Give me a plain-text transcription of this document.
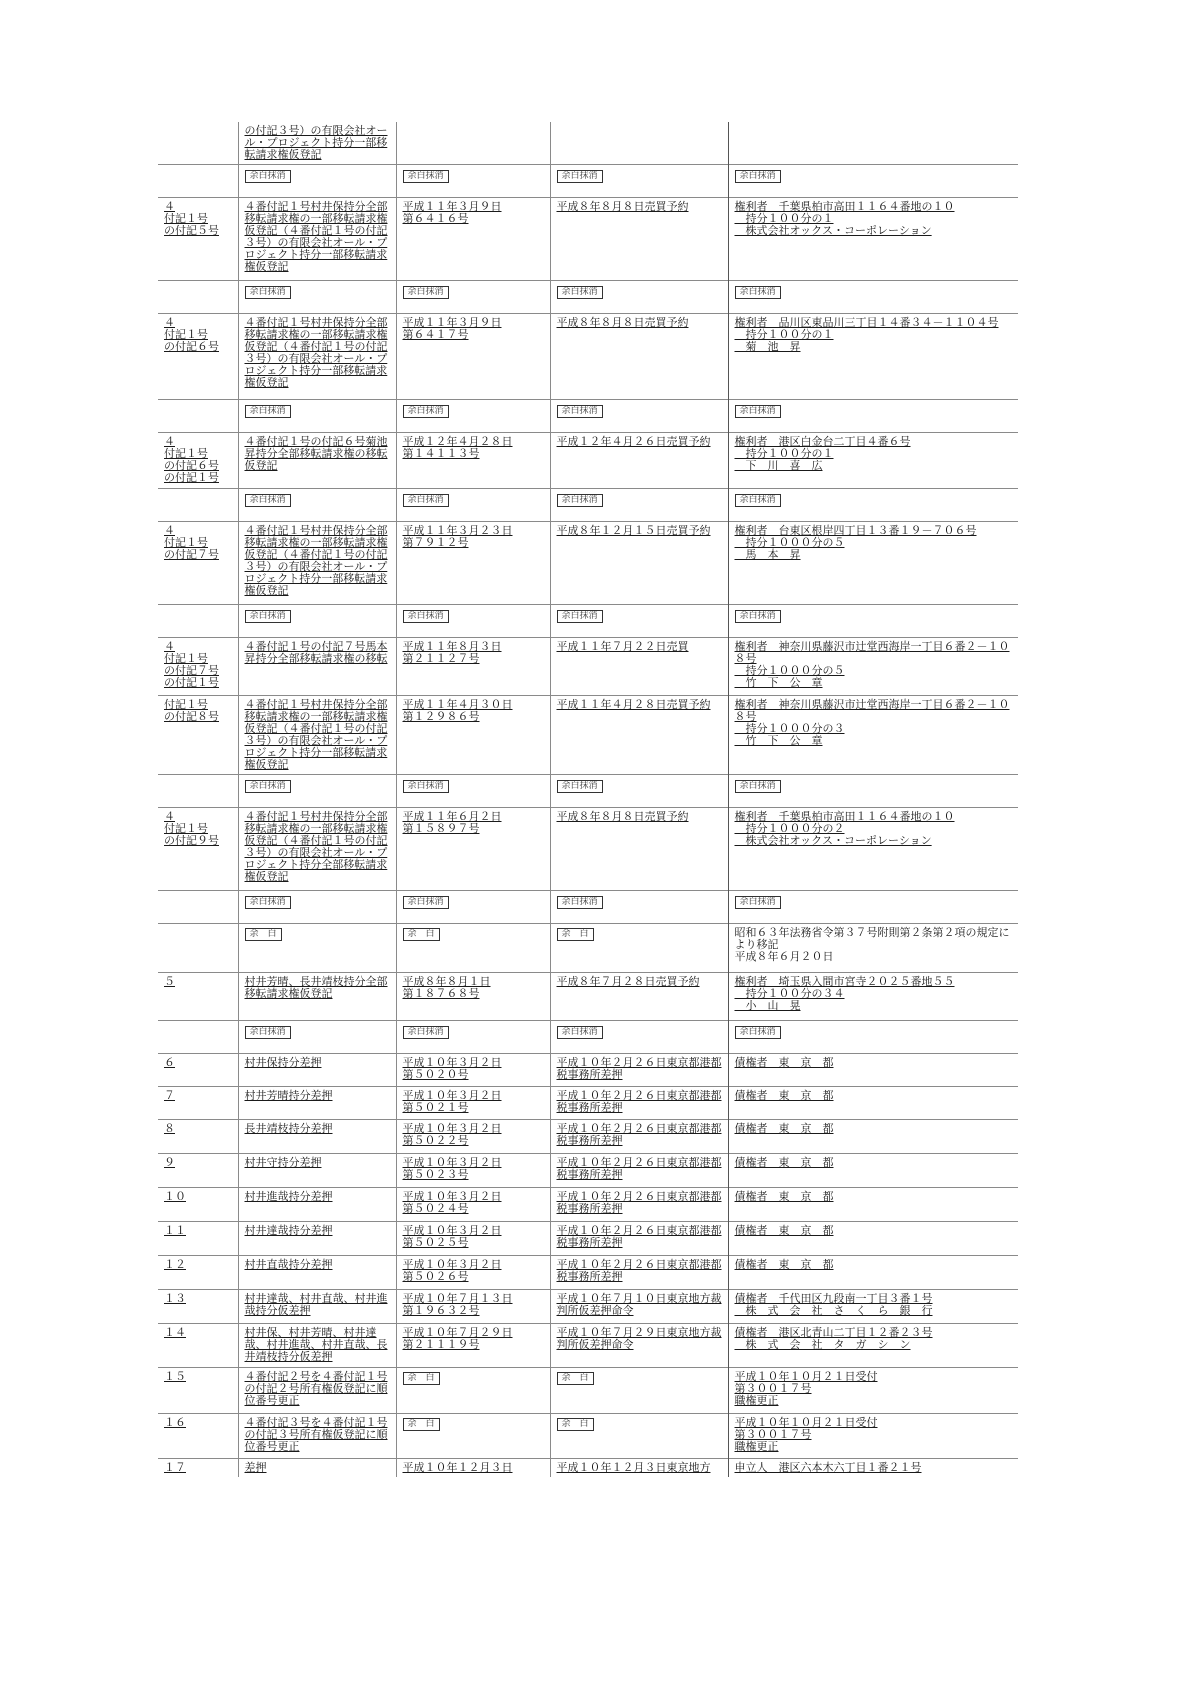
	の付記３号）の有限会社オール・プロジェクト持分一部移転請求権仮登記			
	余白抹消	余白抹消	余白抹消	余白抹消
４
付記１号
の付記５号	４番付記１号村井保持分全部移転請求権の一部移転請求権仮登記（４番付記１号の付記３号）の有限会社オール・プロジェクト持分一部移転請求権仮登記	平成１１年３月９日
第６４１６号	平成８年８月８日売買予約	権利者　千葉県柏市高田１１６４番地の１０
　持分１００分の１
　株式会社オックス・コーポレーション
	余白抹消	余白抹消	余白抹消	余白抹消
４
付記１号
の付記６号	４番付記１号村井保持分全部移転請求権の一部移転請求権仮登記（４番付記１号の付記３号）の有限会社オール・プロジェクト持分一部移転請求権仮登記	平成１１年３月９日
第６４１７号	平成８年８月８日売買予約	権利者　品川区東品川三丁目１４番３４－１１０４号
　持分１００分の１
　菊　池　昇
	余白抹消	余白抹消	余白抹消	余白抹消
４
付記１号
の付記６号
の付記１号	４番付記１号の付記６号菊池昇持分全部移転請求権の移転仮登記	平成１２年４月２８日
第１４１１３号	平成１２年４月２６日売買予約	権利者　港区白金台二丁目４番６号
　持分１００分の１
　下　川　喜　広
	余白抹消	余白抹消	余白抹消	余白抹消
４
付記１号
の付記７号	４番付記１号村井保持分全部移転請求権の一部移転請求権仮登記（４番付記１号の付記３号）の有限会社オール・プロジェクト持分一部移転請求権仮登記	平成１１年３月２３日
第７９１２号	平成８年１２月１５日売買予約	権利者　台東区根岸四丁目１３番１９－７０６号
　持分１０００分の５
　馬　本　昇
	余白抹消	余白抹消	余白抹消	余白抹消
４
付記１号
の付記７号
の付記１号	４番付記１号の付記７号馬本昇持分全部移転請求権の移転	平成１１年８月３日
第２１１２７号	平成１１年７月２２日売買	権利者　神奈川県藤沢市辻堂西海岸一丁目６番２－１０８号
　持分１０００分の５
　竹　下　公　章
付記１号
の付記８号	４番付記１号村井保持分全部移転請求権の一部移転請求権仮登記（４番付記１号の付記３号）の有限会社オール・プロジェクト持分一部移転請求権仮登記	平成１１年４月３０日
第１２９８６号	平成１１年４月２８日売買予約	権利者　神奈川県藤沢市辻堂西海岸一丁目６番２－１０８号
　持分１０００分の３
　竹　下　公　章
	余白抹消	余白抹消	余白抹消	余白抹消
４
付記１号
の付記９号	４番付記１号村井保持分全部移転請求権の一部移転請求権仮登記（４番付記１号の付記３号）の有限会社オール・プロジェクト持分全部移転請求権仮登記	平成１１年６月２日
第１５８９７号	平成８年８月８日売買予約	権利者　千葉県柏市高田１１６４番地の１０
　持分１０００分の２
　株式会社オックス・コーポレーション
	余白抹消	余白抹消	余白抹消	余白抹消
	余　白	余　白	余　白	昭和６３年法務省令第３７号附則第２条第２項の規定により移記
平成８年６月２０日
５	村井芳晴、長井靖枝持分全部移転請求権仮登記	平成８年８月１日
第１８７６８号	平成８年７月２８日売買予約	権利者　埼玉県入間市宮寺２０２５番地５５
　持分１００分の３４
　小　山　晃
	余白抹消	余白抹消	余白抹消	余白抹消
６	村井保持分差押	平成１０年３月２日
第５０２０号	平成１０年２月２６日東京都港都税事務所差押	債権者　東　京　都
７	村井芳晴持分差押	平成１０年３月２日
第５０２１号	平成１０年２月２６日東京都港都税事務所差押	債権者　東　京　都
８	長井靖枝持分差押	平成１０年３月２日
第５０２２号	平成１０年２月２６日東京都港都税事務所差押	債権者　東　京　都
９	村井守持分差押	平成１０年３月２日
第５０２３号	平成１０年２月２６日東京都港都税事務所差押	債権者　東　京　都
１０	村井進哉持分差押	平成１０年３月２日
第５０２４号	平成１０年２月２６日東京都港都税事務所差押	債権者　東　京　都
１１	村井達哉持分差押	平成１０年３月２日
第５０２５号	平成１０年２月２６日東京都港都税事務所差押	債権者　東　京　都
１２	村井直哉持分差押	平成１０年３月２日
第５０２６号	平成１０年２月２６日東京都港都税事務所差押	債権者　東　京　都
１３	村井達哉、村井直哉、村井進哉持分仮差押	平成１０年７月１３日
第１９６３２号	平成１０年７月１０日東京地方裁判所仮差押命令	債権者　千代田区九段南一丁目３番１号
　株　式　会　社　さ　く　ら　銀　行
１４	村井保、村井芳晴、村井達哉、村井進哉、村井直哉、長井靖枝持分仮差押	平成１０年７月２９日
第２１１１９号	平成１０年７月２９日東京地方裁判所仮差押命令	債権者　港区北青山二丁目１２番２３号
　株　式　会　社　タ　ガ　シ　ン
１５	４番付記２号を４番付記１号の付記２号所有権仮登記に順位番号更正	余　白	余　白	平成１０年１０月２１日受付
第３００１７号
職権更正
１６	４番付記３号を４番付記１号の付記３号所有権仮登記に順位番号更正	余　白	余　白	平成１０年１０月２１日受付
第３００１７号
職権更正
１７	差押	平成１０年１２月３日	平成１０年１２月３日東京地方	申立人　港区六本木六丁目１番２１号
